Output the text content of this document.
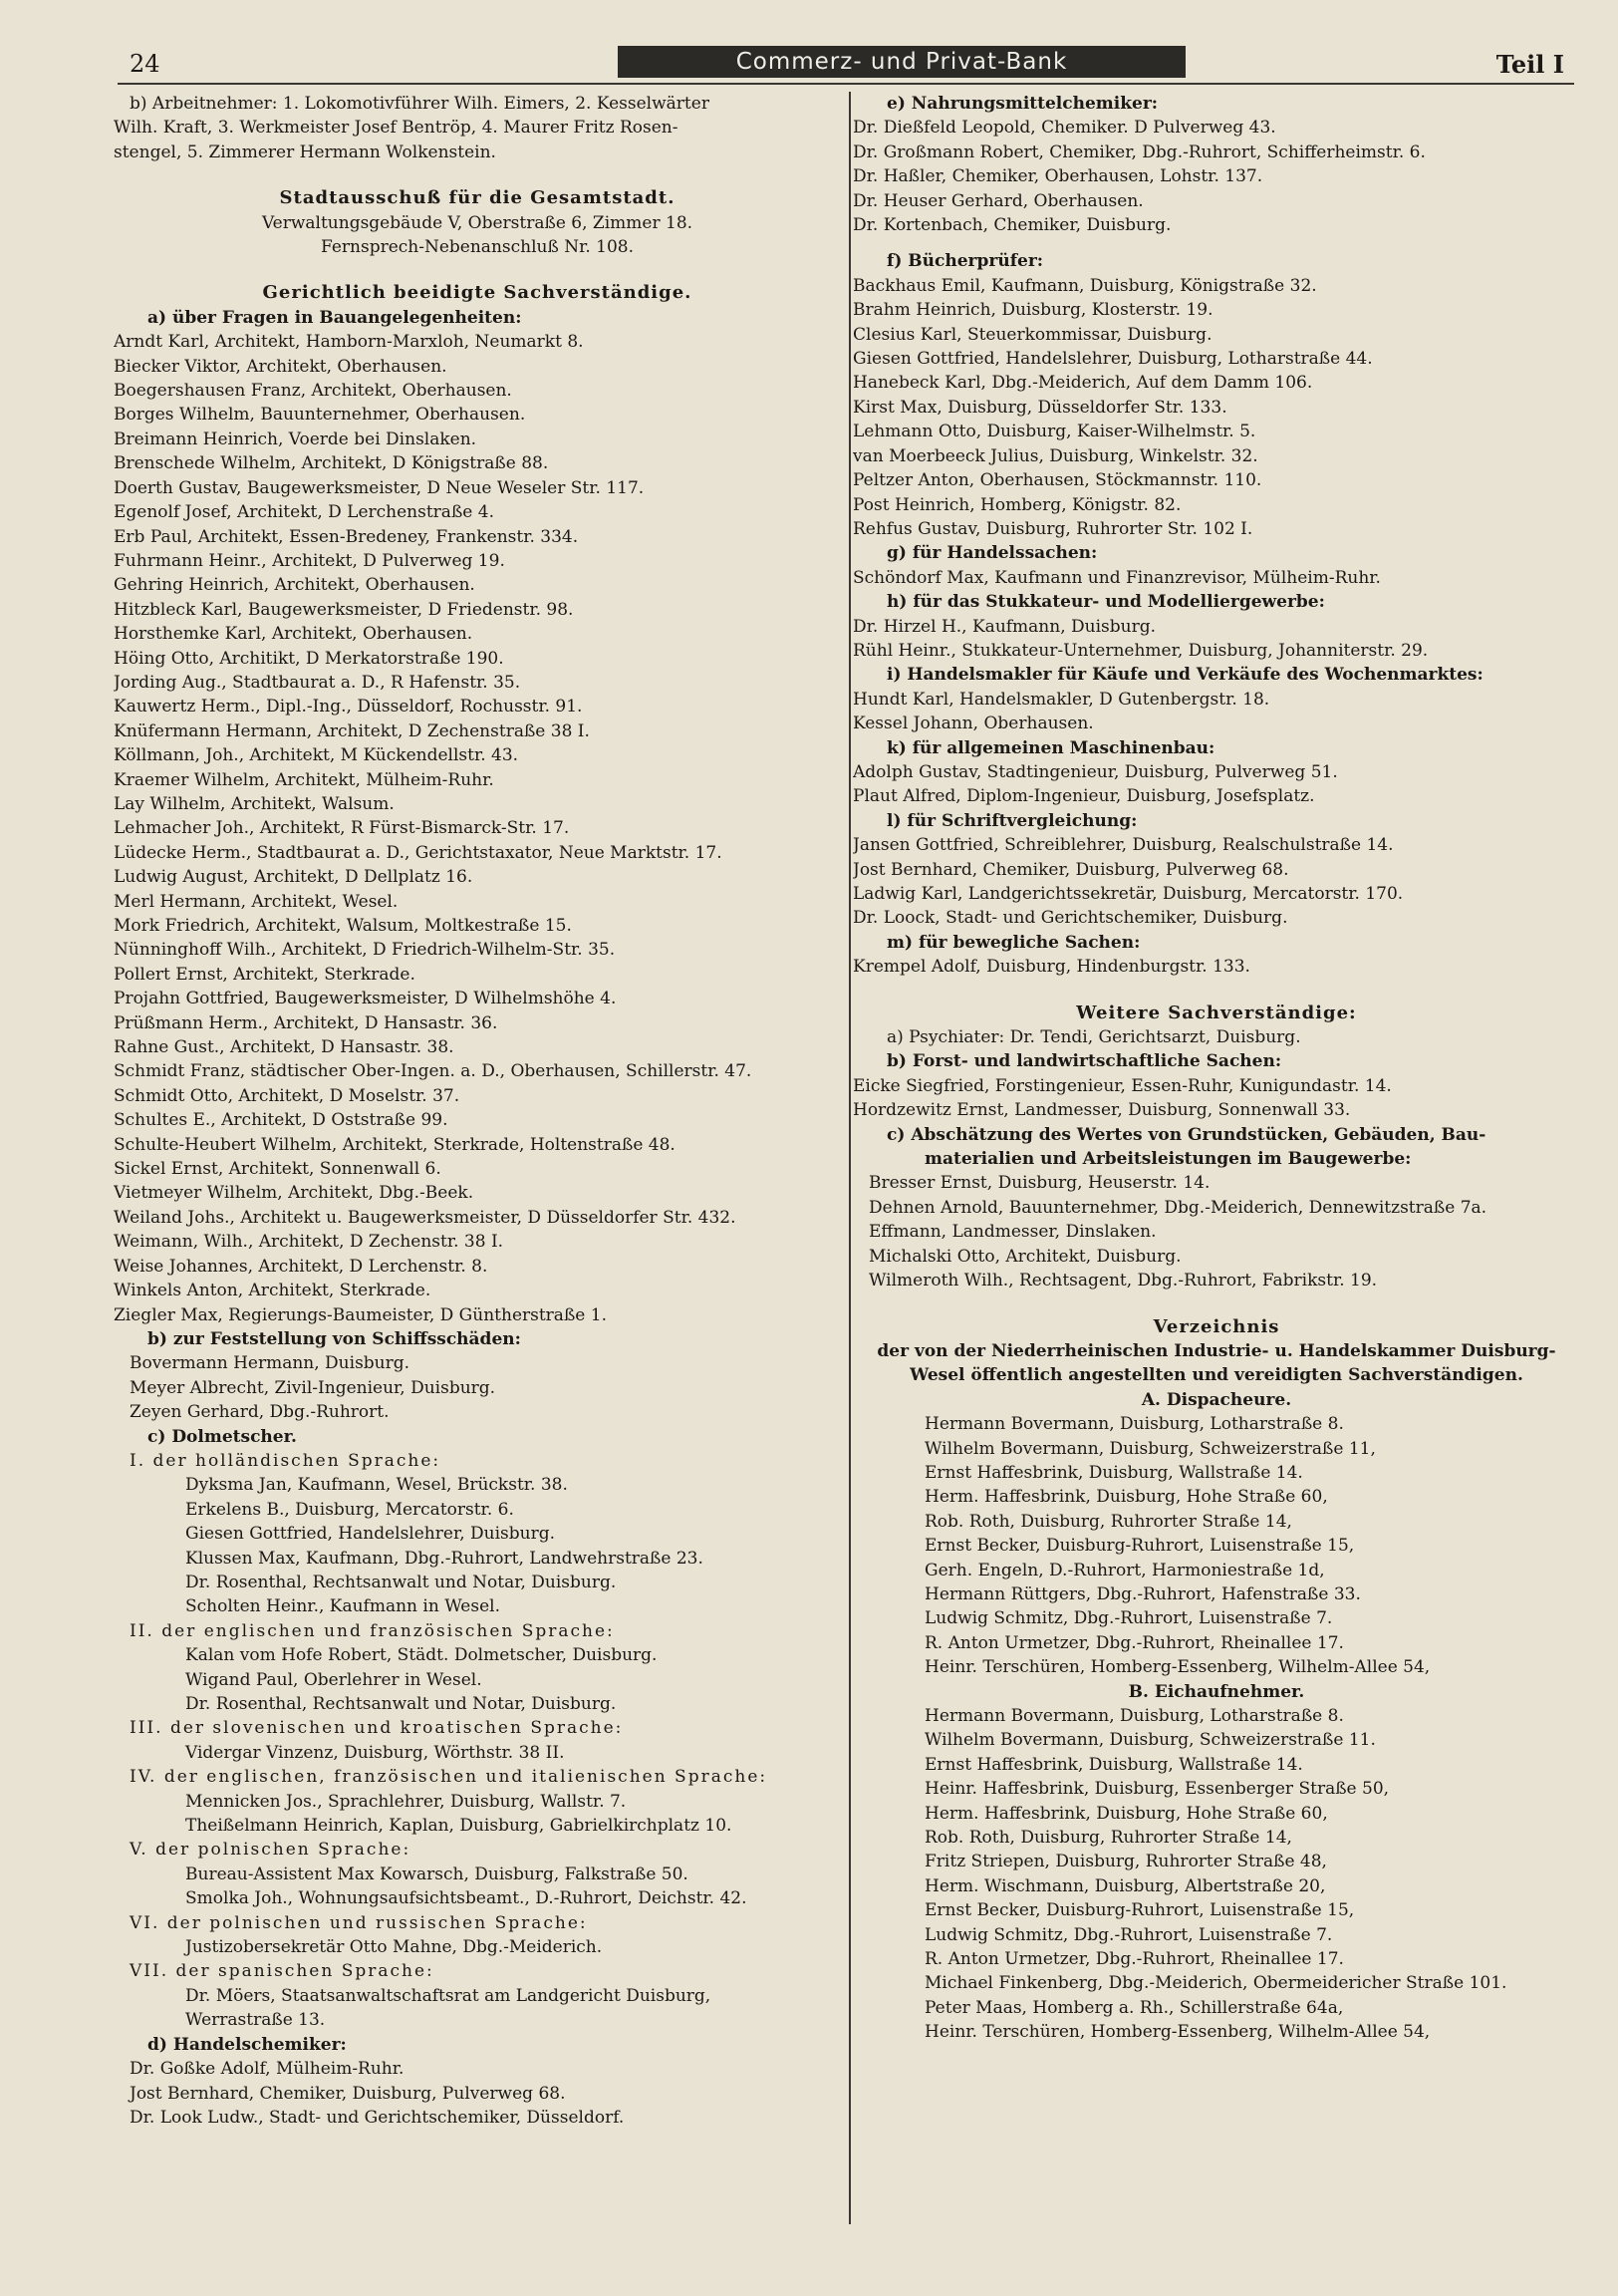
24	Commerz- und Privat-Bank	Teil I
b) Arbeitnehmer: 1. Lokomotivführer Wilh. Eimers, 2. Kesselwärter
Wilh. Kraft, 3. Werkmeister Josef Bentröp, 4. Maurer Fritz Rosen-
stengel, 5. Zimmerer Hermann Wolkenstein.
Stadtausschuß für die Gesamtstadt.
Verwaltungsgebäude V, Oberstraße 6, Zimmer 18.
Fernsprech-Nebenanschluß Nr. 108.
Gerichtlich beeidigte Sachverständige.
a) über Fragen in Bauangelegenheiten:
Arndt Karl, Architekt, Hamborn-Marxloh, Neumarkt 8.
Biecker Viktor, Architekt, Oberhausen.
Boegershausen Franz, Architekt, Oberhausen.
Borges Wilhelm, Bauunternehmer, Oberhausen.
Breimann Heinrich, Voerde bei Dinslaken.
Brenschede Wilhelm, Architekt, D Königstraße 88.
Doerth Gustav, Baugewerksmeister, D Neue Weseler Str. 117.
Egenolf Josef, Architekt, D Lerchenstraße 4.
Erb Paul, Architekt, Essen-Bredeney, Frankenstr. 334.
Fuhrmann Heinr., Architekt, D Pulverweg 19.
Gehring Heinrich, Architekt, Oberhausen.
Hitzbleck Karl, Baugewerksmeister, D Friedenstr. 98.
Horsthemke Karl, Architekt, Oberhausen.
Höing Otto, Architikt, D Merkatorstraße 190.
Jording Aug., Stadtbaurat a. D., R Hafenstr. 35.
Kauwertz Herm., Dipl.-Ing., Düsseldorf, Rochusstr. 91.
Knüfermann Hermann, Architekt, D Zechenstraße 38 I.
Köllmann, Joh., Architekt, M Kückendellstr. 43.
Kraemer Wilhelm, Architekt, Mülheim-Ruhr.
Lay Wilhelm, Architekt, Walsum.
Lehmacher Joh., Architekt, R Fürst-Bismarck-Str. 17.
Lüdecke Herm., Stadtbaurat a. D., Gerichtstaxator, Neue Marktstr. 17.
Ludwig August, Architekt, D Dellplatz 16.
Merl Hermann, Architekt, Wesel.
Mork Friedrich, Architekt, Walsum, Moltkestraße 15.
Nünninghoff Wilh., Architekt, D Friedrich-Wilhelm-Str. 35.
Pollert Ernst, Architekt, Sterkrade.
Projahn Gottfried, Baugewerksmeister, D Wilhelmshöhe 4.
Prüßmann Herm., Architekt, D Hansastr. 36.
Rahne Gust., Architekt, D Hansastr. 38.
Schmidt Franz, städtischer Ober-Ingen. a. D., Oberhausen, Schillerstr. 47.
Schmidt Otto, Architekt, D Moselstr. 37.
Schultes E., Architekt, D Oststraße 99.
Schulte-Heubert Wilhelm, Architekt, Sterkrade, Holtenstraße 48.
Sickel Ernst, Architekt, Sonnenwall 6.
Vietmeyer Wilhelm, Architekt, Dbg.-Beek.
Weiland Johs., Architekt u. Baugewerksmeister, D Düsseldorfer Str. 432.
Weimann, Wilh., Architekt, D Zechenstr. 38 I.
Weise Johannes, Architekt, D Lerchenstr. 8.
Winkels Anton, Architekt, Sterkrade.
Ziegler Max, Regierungs-Baumeister, D Güntherstraße 1.
b) zur Feststellung von Schiffsschäden:
Bovermann Hermann, Duisburg.
Meyer Albrecht, Zivil-Ingenieur, Duisburg.
Zeyen Gerhard, Dbg.-Ruhrort.
c) Dolmetscher.
I. der holländischen Sprache:
Dyksma Jan, Kaufmann, Wesel, Brückstr. 38.
Erkelens B., Duisburg, Mercatorstr. 6.
Giesen Gottfried, Handelslehrer, Duisburg.
Klussen Max, Kaufmann, Dbg.-Ruhrort, Landwehrstraße 23.
Dr. Rosenthal, Rechtsanwalt und Notar, Duisburg.
Scholten Heinr., Kaufmann in Wesel.
II. der englischen und französischen Sprache:
Kalan vom Hofe Robert, Städt. Dolmetscher, Duisburg.
Wigand Paul, Oberlehrer in Wesel.
Dr. Rosenthal, Rechtsanwalt und Notar, Duisburg.
III. der slovenischen und kroatischen Sprache:
Vidergar Vinzenz, Duisburg, Wörthstr. 38 II.
IV. der englischen, französischen und italienischen Sprache:
Mennicken Jos., Sprachlehrer, Duisburg, Wallstr. 7.
Theißelmann Heinrich, Kaplan, Duisburg, Gabrielkirchplatz 10.
V. der polnischen Sprache:
Bureau-Assistent Max Kowarsch, Duisburg, Falkstraße 50.
Smolka Joh., Wohnungsaufsichtsbeamt., D.-Ruhrort, Deichstr. 42.
VI. der polnischen und russischen Sprache:
Justizobersekretär Otto Mahne, Dbg.-Meiderich.
VII. der spanischen Sprache:
Dr. Möers, Staatsanwaltschaftsrat am Landgericht Duisburg,
Werrastraße 13.
d) Handelschemiker:
Dr. Goßke Adolf, Mülheim-Ruhr.
Jost Bernhard, Chemiker, Duisburg, Pulverweg 68.
Dr. Look Ludw., Stadt- und Gerichtschemiker, Düsseldorf.
e) Nahrungsmittelchemiker:
Dr. Dießfeld Leopold, Chemiker. D Pulverweg 43.
Dr. Großmann Robert, Chemiker, Dbg.-Ruhrort, Schifferheimstr. 6.
Dr. Haßler, Chemiker, Oberhausen, Lohstr. 137.
Dr. Heuser Gerhard, Oberhausen.
Dr. Kortenbach, Chemiker, Duisburg.
f) Bücherprüfer:
Backhaus Emil, Kaufmann, Duisburg, Königstraße 32.
Brahm Heinrich, Duisburg, Klosterstr. 19.
Clesius Karl, Steuerkommissar, Duisburg.
Giesen Gottfried, Handelslehrer, Duisburg, Lotharstraße 44.
Hanebeck Karl, Dbg.-Meiderich, Auf dem Damm 106.
Kirst Max, Duisburg, Düsseldorfer Str. 133.
Lehmann Otto, Duisburg, Kaiser-Wilhelmstr. 5.
van Moerbeeck Julius, Duisburg, Winkelstr. 32.
Peltzer Anton, Oberhausen, Stöckmannstr. 110.
Post Heinrich, Homberg, Königstr. 82.
Rehfus Gustav, Duisburg, Ruhrorter Str. 102 I.
g) für Handelssachen:
Schöndorf Max, Kaufmann und Finanzrevisor, Mülheim-Ruhr.
h) für das Stukkateur- und Modelliergewerbe:
Dr. Hirzel H., Kaufmann, Duisburg.
Rühl Heinr., Stukkateur-Unternehmer, Duisburg, Johanniterstr. 29.
i) Handelsmakler für Käufe und Verkäufe des Wochenmarktes:
Hundt Karl, Handelsmakler, D Gutenbergstr. 18.
Kessel Johann, Oberhausen.
k) für allgemeinen Maschinenbau:
Adolph Gustav, Stadtingenieur, Duisburg, Pulverweg 51.
Plaut Alfred, Diplom-Ingenieur, Duisburg, Josefsplatz.
l) für Schriftvergleichung:
Jansen Gottfried, Schreiblehrer, Duisburg, Realschulstraße 14.
Jost Bernhard, Chemiker, Duisburg, Pulverweg 68.
Ladwig Karl, Landgerichtssekretär, Duisburg, Mercatorstr. 170.
Dr. Loock, Stadt- und Gerichtschemiker, Duisburg.
m) für bewegliche Sachen:
Krempel Adolf, Duisburg, Hindenburgstr. 133.
Weitere Sachverständige:
a) Psychiater: Dr. Tendi, Gerichtsarzt, Duisburg.
b) Forst- und landwirtschaftliche Sachen:
Eicke Siegfried, Forstingenieur, Essen-Ruhr, Kunigundastr. 14.
Hordzewitz Ernst, Landmesser, Duisburg, Sonnenwall 33.
c) Abschätzung des Wertes von Grundstücken, Gebäuden, Bau-
materialien und Arbeitsleistungen im Baugewerbe:
Bresser Ernst, Duisburg, Heuserstr. 14.
Dehnen Arnold, Bauunternehmer, Dbg.-Meiderich, Dennewitzstraße 7a.
Effmann, Landmesser, Dinslaken.
Michalski Otto, Architekt, Duisburg.
Wilmeroth Wilh., Rechtsagent, Dbg.-Ruhrort, Fabrikstr. 19.
Verzeichnis
der von der Niederrheinischen Industrie- u. Handelskammer Duisburg-
Wesel öffentlich angestellten und vereidigten Sachverständigen.
A. Dispacheure.
Hermann Bovermann, Duisburg, Lotharstraße 8.
Wilhelm Bovermann, Duisburg, Schweizerstraße 11,
Ernst Haffesbrink, Duisburg, Wallstraße 14.
Herm. Haffesbrink, Duisburg, Hohe Straße 60,
Rob. Roth, Duisburg, Ruhrorter Straße 14,
Ernst Becker, Duisburg-Ruhrort, Luisenstraße 15,
Gerh. Engeln, D.-Ruhrort, Harmoniestraße 1d,
Hermann Rüttgers, Dbg.-Ruhrort, Hafenstraße 33.
Ludwig Schmitz, Dbg.-Ruhrort, Luisenstraße 7.
R. Anton Urmetzer, Dbg.-Ruhrort, Rheinallee 17.
Heinr. Terschüren, Homberg-Essenberg, Wilhelm-Allee 54,
B. Eichaufnehmer.
Hermann Bovermann, Duisburg, Lotharstraße 8.
Wilhelm Bovermann, Duisburg, Schweizerstraße 11.
Ernst Haffesbrink, Duisburg, Wallstraße 14.
Heinr. Haffesbrink, Duisburg, Essenberger Straße 50,
Herm. Haffesbrink, Duisburg, Hohe Straße 60,
Rob. Roth, Duisburg, Ruhrorter Straße 14,
Fritz Striepen, Duisburg, Ruhrorter Straße 48,
Herm. Wischmann, Duisburg, Albertstraße 20,
Ernst Becker, Duisburg-Ruhrort, Luisenstraße 15,
Ludwig Schmitz, Dbg.-Ruhrort, Luisenstraße 7.
R. Anton Urmetzer, Dbg.-Ruhrort, Rheinallee 17.
Michael Finkenberg, Dbg.-Meiderich, Obermeidericher Straße 101.
Peter Maas, Homberg a. Rh., Schillerstraße 64a,
Heinr. Terschüren, Homberg-Essenberg, Wilhelm-Allee 54,
